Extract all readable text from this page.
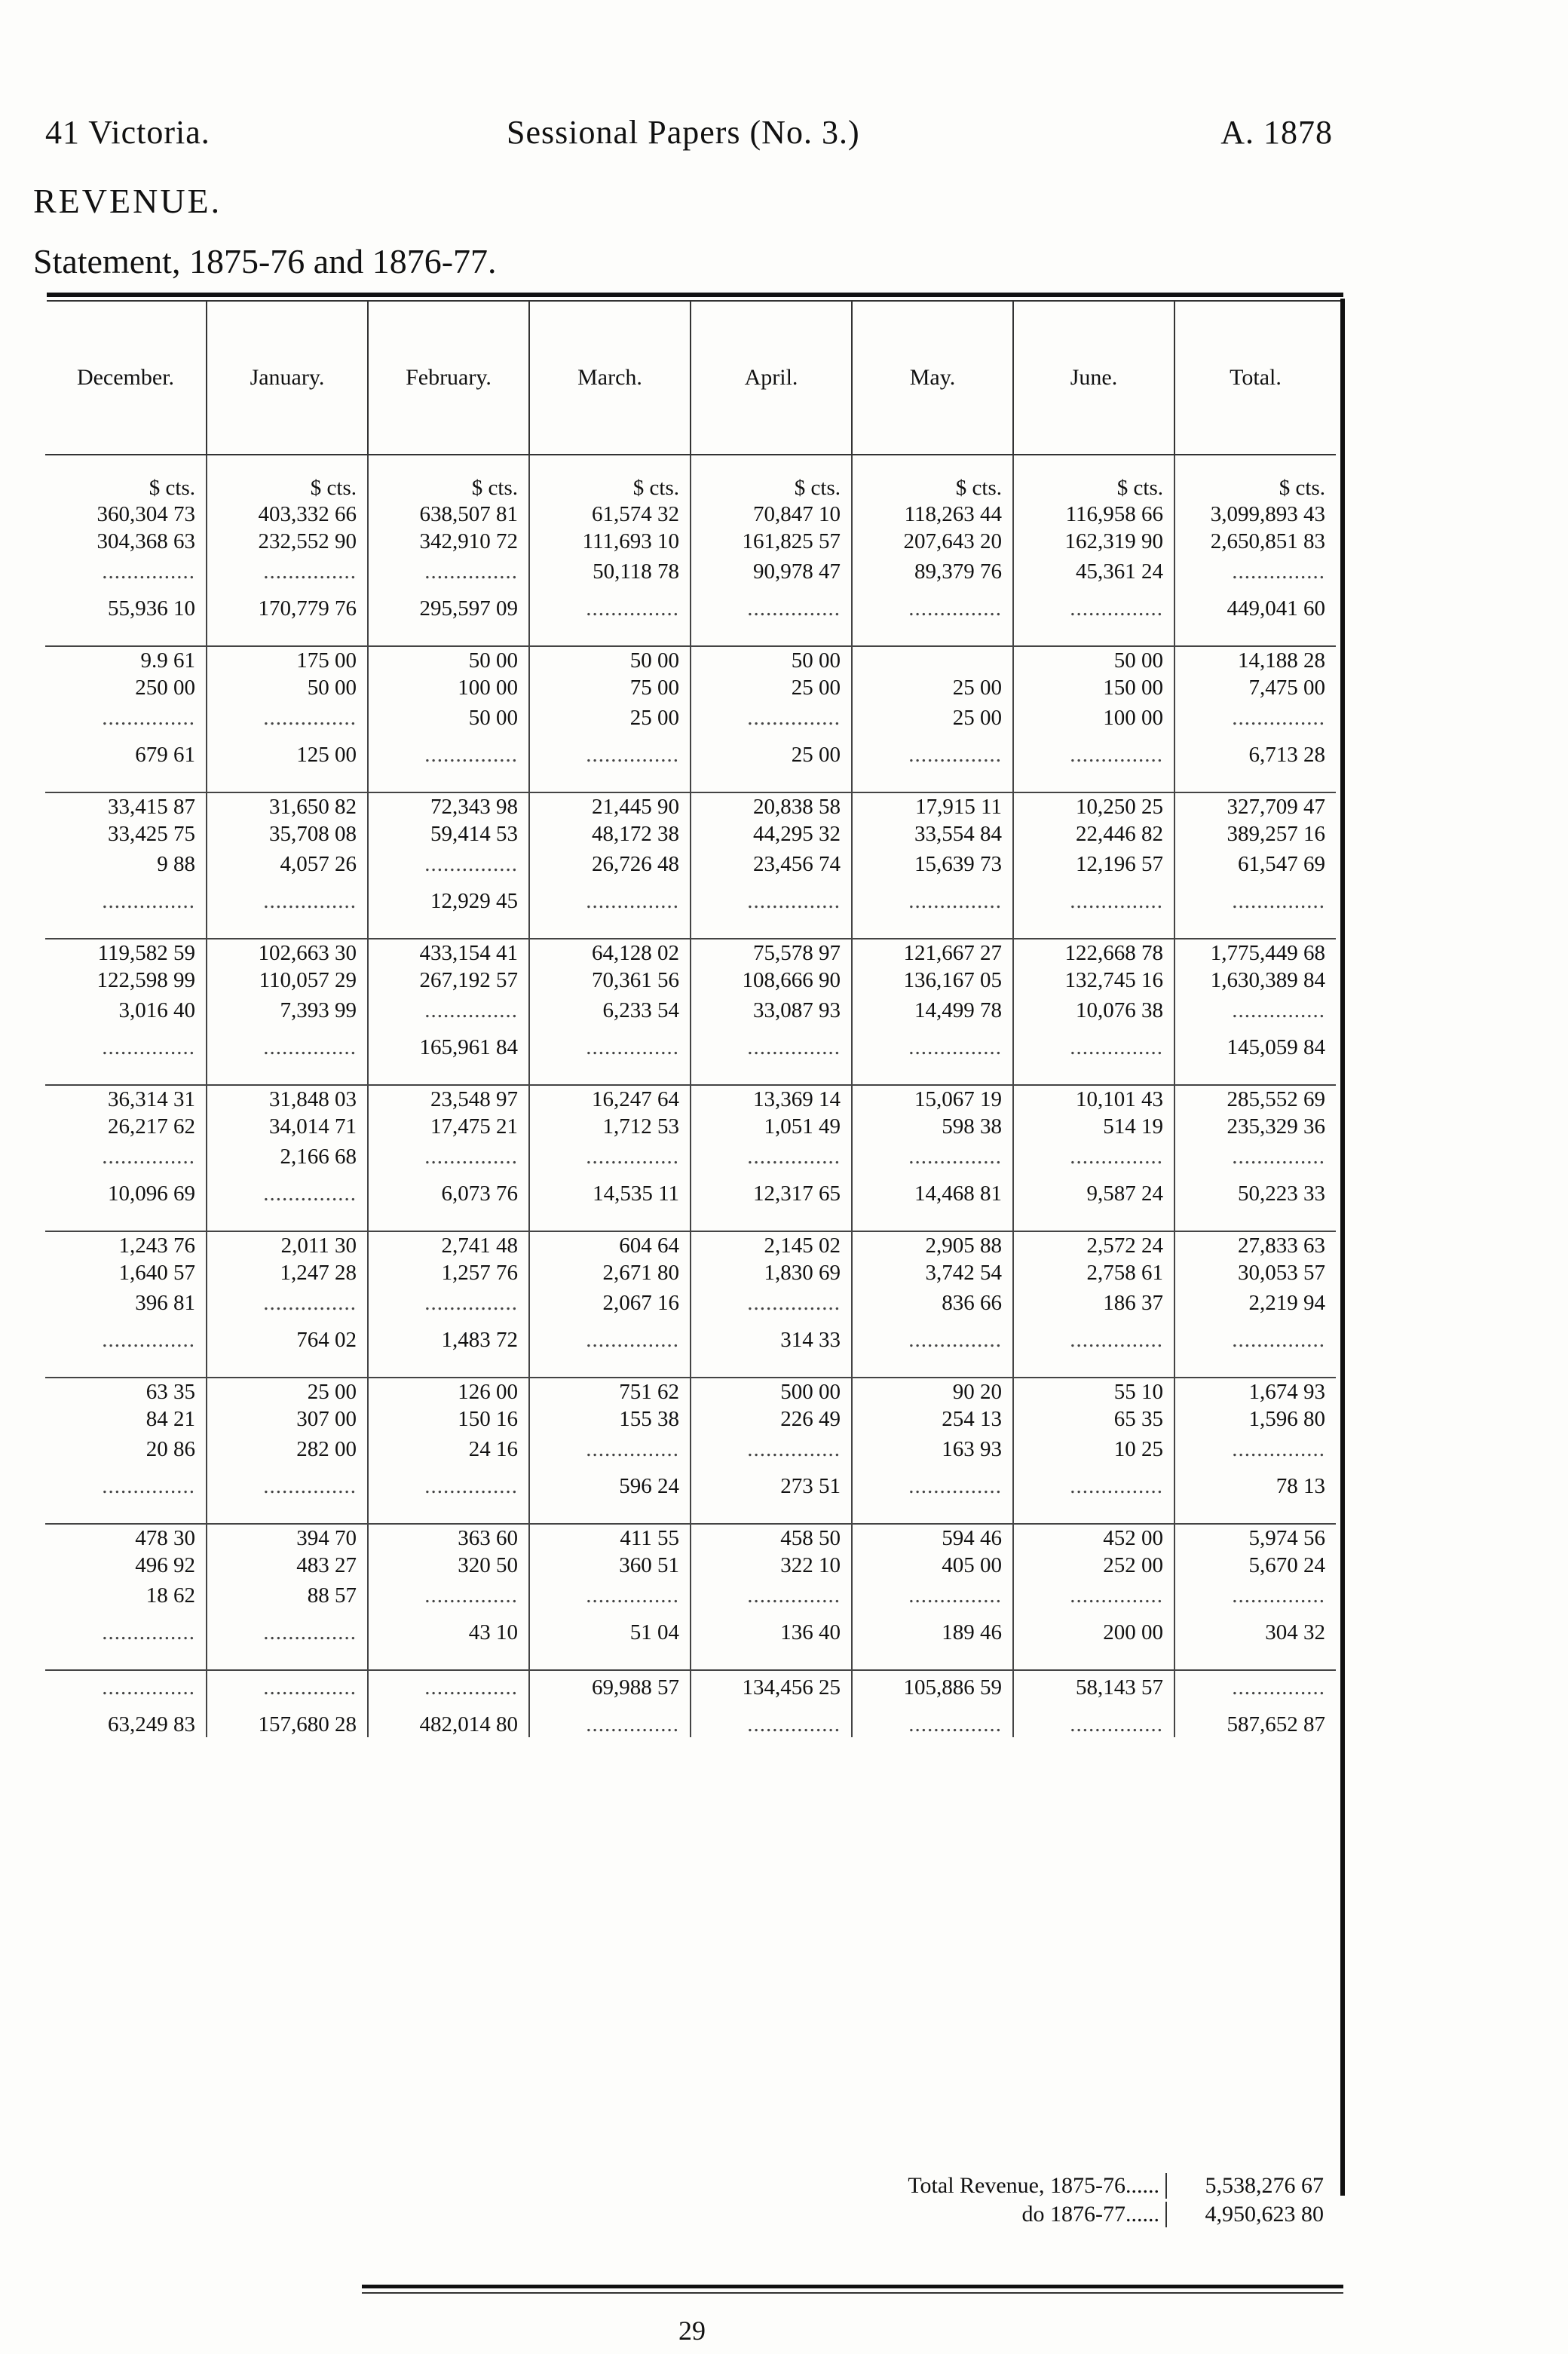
41 Victoria.	Sessional Papers (No. 3.)	A. 1878
REVENUE.
Statement, 1875-76 and 1876-77.
December.	January.	February.	March.	April.	May.	June.	Total.
$ cts.	$ cts.	$ cts.	$ cts.	$ cts.	$ cts.	$ cts.	$ cts.
360,304 73	403,332 66	638,507 81	61,574 32	70,847 10	118,263 44	116,958 66	3,099,893 43
304,368 63	232,552 90	342,910 72	111,693 10	161,825 57	207,643 20	162,319 90	2,650,851 83
...............	...............	...............	50,118 78	90,978 47	89,379 76	45,361 24	...............
55,936 10	170,779 76	295,597 09	...............	...............	...............	...............	449,041 60

9.9 61	175 00	50 00	50 00	50 00		50 00	14,188 28
250 00	50 00	100 00	75 00	25 00	25 00	150 00	7,475 00
...............	...............	50 00	25 00	...............	25 00	100 00	...............
679 61	125 00	...............	...............	25 00	...............	...............	6,713 28

33,415 87	31,650 82	72,343 98	21,445 90	20,838 58	17,915 11	10,250 25	327,709 47
33,425 75	35,708 08	59,414 53	48,172 38	44,295 32	33,554 84	22,446 82	389,257 16
9 88	4,057 26	...............	26,726 48	23,456 74	15,639 73	12,196 57	61,547 69
...............	...............	12,929 45	...............	...............	...............	...............	...............

119,582 59	102,663 30	433,154 41	64,128 02	75,578 97	121,667 27	122,668 78	1,775,449 68
122,598 99	110,057 29	267,192 57	70,361 56	108,666 90	136,167 05	132,745 16	1,630,389 84
3,016 40	7,393 99	...............	6,233 54	33,087 93	14,499 78	10,076 38	...............
...............	...............	165,961 84	...............	...............	...............	...............	145,059 84

36,314 31	31,848 03	23,548 97	16,247 64	13,369 14	15,067 19	10,101 43	285,552 69
26,217 62	34,014 71	17,475 21	1,712 53	1,051 49	598 38	514 19	235,329 36
...............	2,166 68	...............	...............	...............	...............	...............	...............
10,096 69	...............	6,073 76	14,535 11	12,317 65	14,468 81	9,587 24	50,223 33

1,243 76	2,011 30	2,741 48	604 64	2,145 02	2,905 88	2,572 24	27,833 63
1,640 57	1,247 28	1,257 76	2,671 80	1,830 69	3,742 54	2,758 61	30,053 57
396 81	...............	...............	2,067 16	...............	836 66	186 37	2,219 94
...............	764 02	1,483 72	...............	314 33	...............	...............	...............

63 35	25 00	126 00	751 62	500 00	90 20	55 10	1,674 93
84 21	307 00	150 16	155 38	226 49	254 13	65 35	1,596 80
20 86	282 00	24 16	...............	...............	163 93	10 25	...............
...............	...............	...............	596 24	273 51	...............	...............	78 13

478 30	394 70	363 60	411 55	458 50	594 46	452 00	5,974 56
496 92	483 27	320 50	360 51	322 10	405 00	252 00	5,670 24
18 62	88 57	...............	...............	...............	...............	...............	...............
...............	...............	43 10	51 04	136 40	189 46	200 00	304 32

...............	...............	...............	69,988 57	134,456 25	105,886 59	58,143 57	...............
63,249 83	157,680 28	482,014 80	...............	...............	...............	...............	587,652 87
Total Revenue, 1875-76......	5,538,276 67
do 1876-77......	4,950,623 80
29
